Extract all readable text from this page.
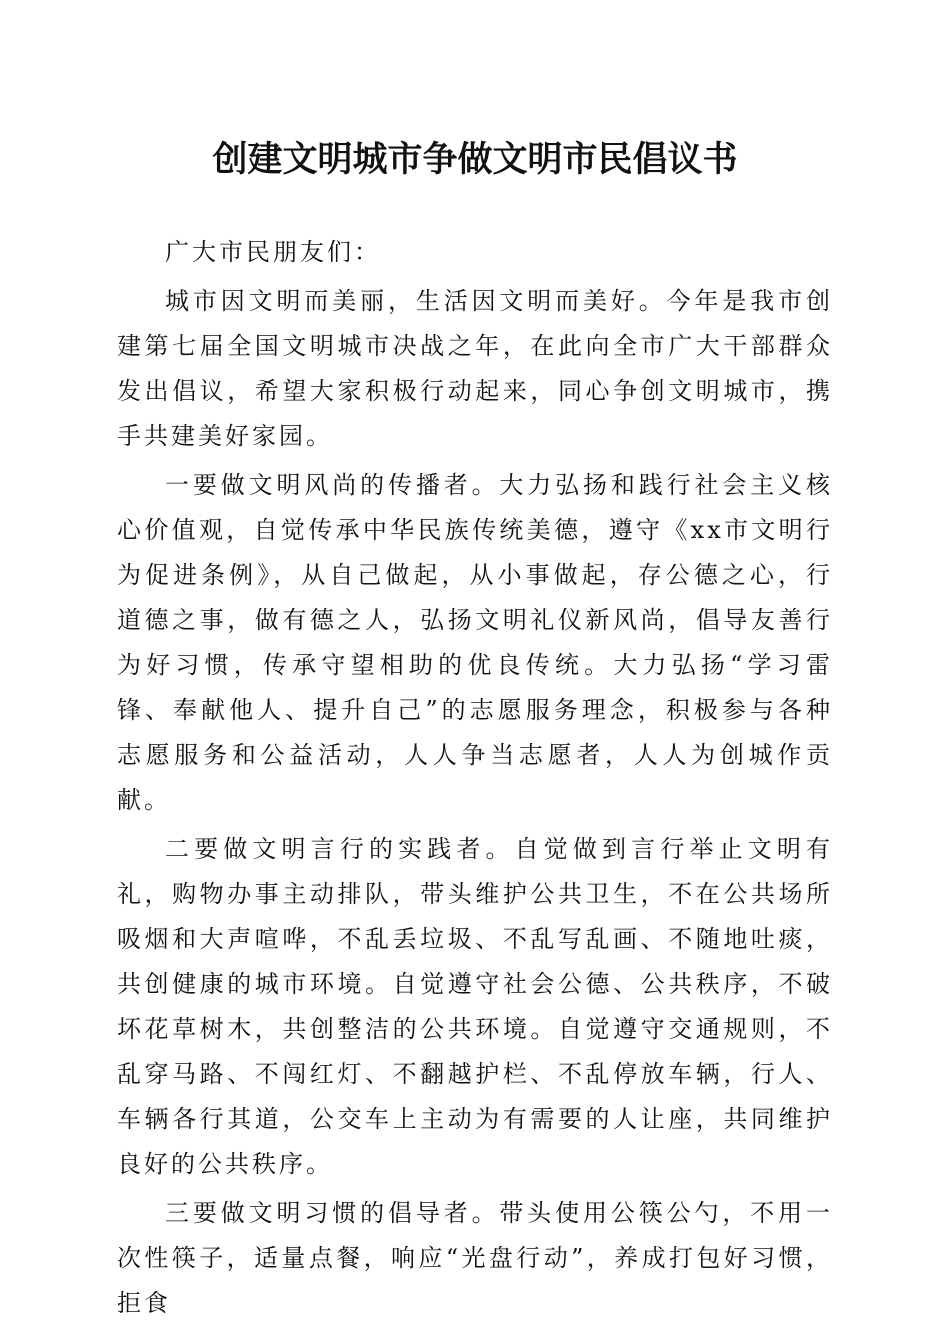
创建文明城市争做文明市民倡议书

广大市民朋友们：

城市因文明而美丽，生活因文明而美好。今年是我市创建第七届全国文明城市决战之年，在此向全市广大干部群众发出倡议，希望大家积极行动起来，同心争创文明城市，携手共建美好家园。

一要做文明风尚的传播者。大力弘扬和践行社会主义核心价值观，自觉传承中华民族传统美德，遵守《xx市文明行为促进条例》，从自己做起，从小事做起，存公德之心，行道德之事，做有德之人，弘扬文明礼仪新风尚，倡导友善行为好习惯，传承守望相助的优良传统。大力弘扬“学习雷锋、奉献他人、提升自己”的志愿服务理念，积极参与各种志愿服务和公益活动，人人争当志愿者，人人为创城作贡献。

二要做文明言行的实践者。自觉做到言行举止文明有礼，购物办事主动排队，带头维护公共卫生，不在公共场所吸烟和大声喧哗，不乱丢垃圾、不乱写乱画、不随地吐痰，共创健康的城市环境。自觉遵守社会公德、公共秩序，不破坏花草树木，共创整洁的公共环境。自觉遵守交通规则，不乱穿马路、不闯红灯、不翻越护栏、不乱停放车辆，行人、车辆各行其道，公交车上主动为有需要的人让座，共同维护良好的公共秩序。

三要做文明习惯的倡导者。带头使用公筷公勺，不用一次性筷子，适量点餐，响应“光盘行动”，养成打包好习惯，拒食
